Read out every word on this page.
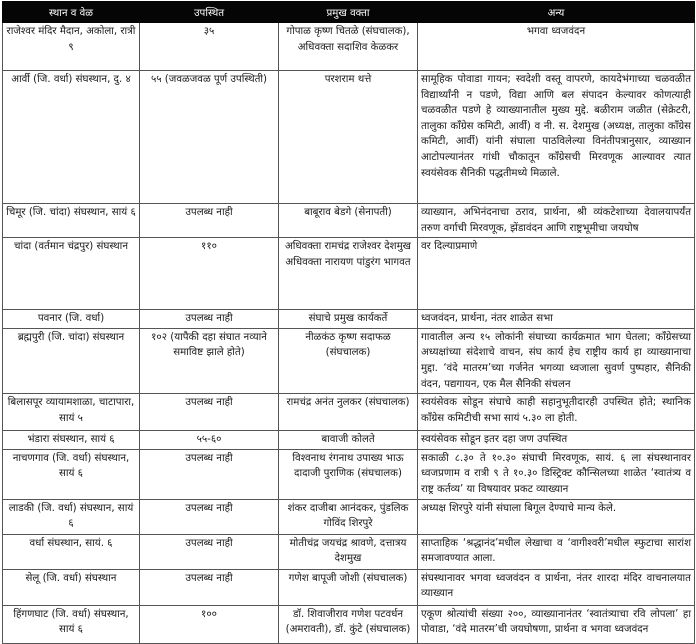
स्थान व वेळ	उपस्थित	प्रमुख वक्ता	अन्य
राजेश्वर मंदिर मैदान, अकोला, रात्री ९	३५	गोपाळ कृष्ण चितळे (संघचालक), अधिवक्ता सदाशिव केळकर	भगवा ध्वजवंदन
आर्वी (जि. वर्धा) संघस्थान, दु. ४	५५ (जवळजवळ पूर्ण उपस्थिती)	परशराम थत्ते	सामूहिक पोवाडा गायन; स्वदेशी वस्तू वापरणे, कायदेभंगाच्या चळवळीत विद्यार्थ्यांनी न पडणे, विद्या आणि बल संपादन केल्यावर कोणत्याही चळवळीत पडणे हे व्याख्यानातील मुख्य मुद्दे. बळीराम जळीत (सेक्रेटरी, तालुका कॉंग्रेस कमिटी, आर्वी) व नी. स. देशमुख (अध्यक्ष, तालुका कॉंग्रेस कमिटी, आर्वी) यांनी संघाला पाठविलेल्या विनंतीपत्रानुसार, व्याख्यान आटोपल्यानंतर गांधी चौकातून कॉंग्रेसची मिरवणूक आल्यावर त्यात स्वयंसेवक सैनिकी पद्धतीमध्ये मिळाले.
चिमूर (जि. चांदा) संघस्थान, सायं ६	उपलब्ध नाही	बाबूराव बेडगे (सेनापती)	व्याख्यान, अभिनंदनाचा ठराव, प्रार्थना, श्री व्यंकटेशाच्या देवालयापर्यंत तरुण वर्गाची मिरवणूक, झेंडावंदन आणि राष्ट्रभूमीचा जयघोष
चांदा (वर्तमान चंद्रपुर) संघस्थान	११०	अधिवक्ता रामचंद्र राजेश्वर देशमुख अधिवक्ता नारायण पांडुरंग भागवत	वर दिल्याप्रमाणे
पवनार (जि. वर्धा)	उपलब्ध नाही	संघाचे प्रमुख कार्यकर्ते	ध्वजवंदन, प्रार्थना, नंतर शाळेत सभा
ब्रह्मपुरी (जि. चांदा) संघस्थान	१०२ (यापैकी दहा संघात नव्याने समाविष्ट झाले होते)	नीळकंठ कृष्ण सदाफळ (संघचालक)	गावातील अन्य १५ लोकांनी संघाच्या कार्यक्रमात भाग घेतला; कॉंग्रेसच्या अध्यक्षांच्या संदेशाचे वाचन, संघ कार्य हेच राष्ट्रीय कार्य हा व्याख्यानाचा मुद्दा. ‘वंदे मातरम’च्या गर्जनेत भगव्या ध्वजाला सुवर्ण पुष्पहार, सैनिकी वंदन, पद्यगायन, एक मैल सैनिकी संचलन
बिलासपूर व्यायामशाळा, चाटापारा, सायं ५	उपलब्ध नाही	रामचंद्र अनंत नुलकर (संघचालक)	स्वयंसेवक सोडून संघाचे काही सहानुभूतीदारही उपस्थित होते; स्थानिक कॉंग्रेस कमिटीची सभा सायं ५.३० ला होती.
भंडारा संघस्थान, सायं ६	५५-६०	बावाजी कोलते	स्वयंसेवक सोडून इतर दहा जण उपस्थित
नाचणगाव (जि. वर्धा) संघस्थान, सायं ६	उपलब्ध नाही	विश्वनाथ रंगनाथ उपाख्य भाऊ दादाजी पुराणिक (संघचालक)	सकाळी ८.३० ते १०.३० संघाची मिरवणूक, सायं. ६ ला संघस्थानावर ध्वजप्रणाम व रात्री ९ ते १०.३० डिस्ट्रिक्ट कौन्सिलच्या शाळेत ‘स्वातंत्र्य व राष्ट्र कर्तव्य’ या विषयावर प्रकट व्याख्यान
लाडकी (जि. वर्धा) संघस्थान, सायं ६	उपलब्ध नाही	शंकर दाजीबा आनंदकर, पुंडलिक गोविंद शिरपुरे	अध्यक्ष शिरपुरे यांनी संघाला बिगूल देण्याचे मान्य केले.
वर्धा संघस्थान, सायं. ६	उपलब्ध नाही	मोतीचंद्र जयचंद्र श्रावणे, दत्तात्रय देशमुख	साप्ताहिक ‘श्रद्धानंद’मधील लेखाचा व ‘वागीश्वरी’मधील स्फुटाचा सारांश समजावण्यात आला.
सेलू (जि. वर्धा) संघस्थान	उपलब्ध नाही	गणेश बापूजी जोशी (संघचालक)	संघस्थानावर भगवा ध्वजवंदन व प्रार्थना, नंतर शारदा मंदिर वाचनालयात व्याख्यान
हिंगणघाट (जि. वर्धा) संघस्थान, सायं ६	१००	डॉ. शिवाजीराव गणेश पटवर्धन (अमरावती), डॉ. कुंटे (संघचालक)	एकूण श्रोत्यांची संख्या २००, व्याख्यानानंतर ‘स्वातंत्र्याचा रवि लोपला’ हा पोवाडा, ‘वंदे मातरम’ची जयघोषणा, प्रार्थना व भगवा ध्वजवंदन
